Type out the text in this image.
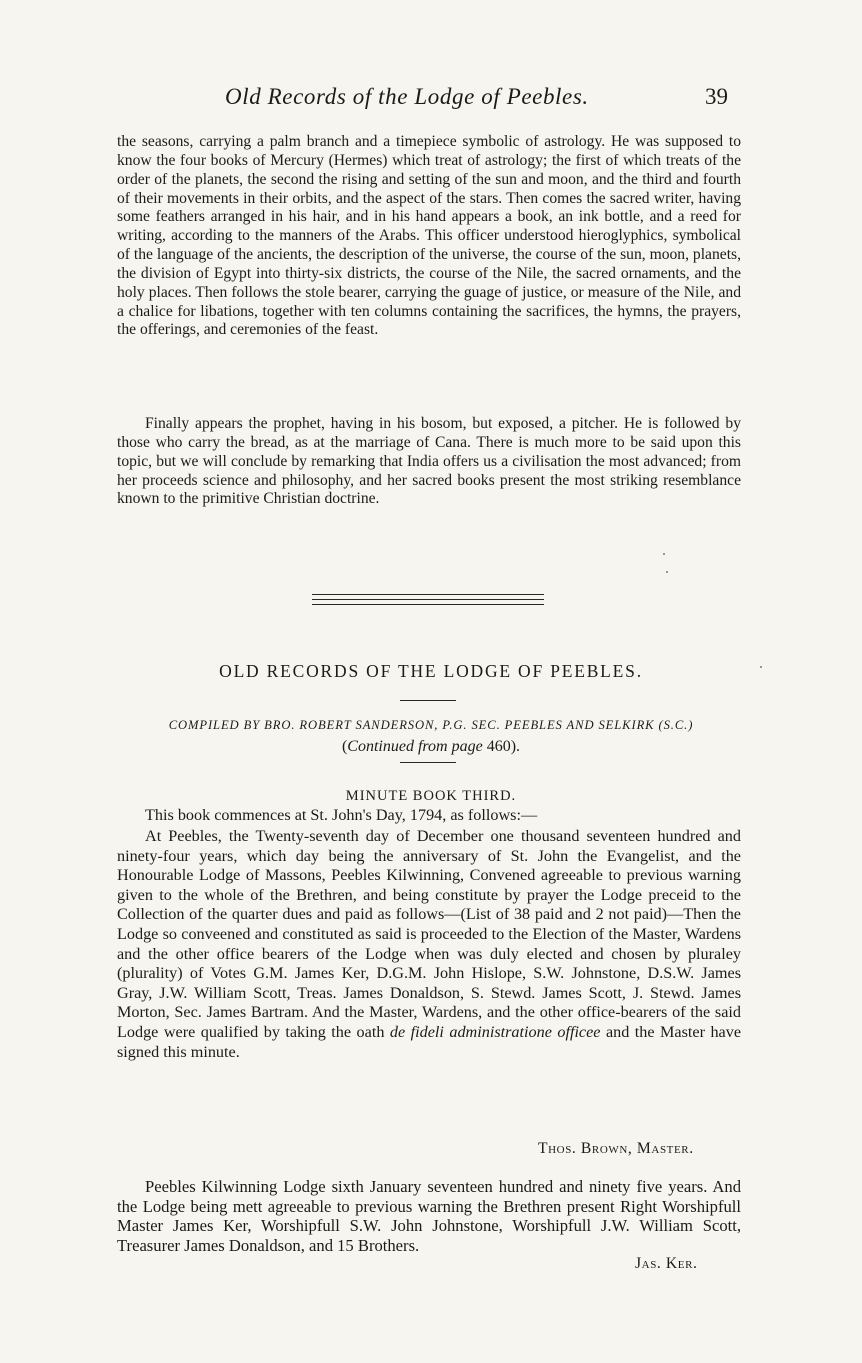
Old Records of the Lodge of Peebles.	39

the seasons, carrying a palm branch and a timepiece symbolic of astrology. He was supposed to know the four books of Mercury (Hermes) which treat of astrology; the first of which treats of the order of the planets, the second the rising and setting of the sun and moon, and the third and fourth of their movements in their orbits, and the aspect of the stars. Then comes the sacred writer, having some feathers arranged in his hair, and in his hand appears a book, an ink bottle, and a reed for writing, according to the manners of the Arabs. This officer understood hieroglyphics, symbolical of the language of the ancients, the description of the universe, the course of the sun, moon, planets, the division of Egypt into thirty-six districts, the course of the Nile, the sacred ornaments, and the holy places. Then follows the stole bearer, carrying the guage of justice, or measure of the Nile, and a chalice for libations, together with ten columns containing the sacrifices, the hymns, the prayers, the offerings, and ceremonies of the feast.

Finally appears the prophet, having in his bosom, but exposed, a pitcher. He is followed by those who carry the bread, as at the marriage of Cana. There is much more to be said upon this topic, but we will conclude by remarking that India offers us a civilisation the most advanced; from her proceeds science and philosophy, and her sacred books present the most striking resemblance known to the primitive Christian doctrine.

OLD RECORDS OF THE LODGE OF PEEBLES.
COMPILED BY BRO. ROBERT SANDERSON, P.G. SEC. PEEBLES AND SELKIRK (S.C.)
(Continued from page 460).
MINUTE BOOK THIRD.

This book commences at St. John's Day, 1794, as follows:—

At Peebles, the Twenty-seventh day of December one thousand seventeen hundred and ninety-four years, which day being the anniversary of St. John the Evangelist, and the Honourable Lodge of Massons, Peebles Kilwinning, Convened agreeable to previous warning given to the whole of the Brethren, and being constitute by prayer the Lodge preceid to the Collection of the quarter dues and paid as follows—(List of 38 paid and 2 not paid)—Then the Lodge so conveened and constituted as said is proceeded to the Election of the Master, Wardens and the other office bearers of the Lodge when was duly elected and chosen by pluraley (plurality) of Votes G.M. James Ker, D.G.M. John Hislope, S.W. Johnstone, D.S.W. James Gray, J.W. William Scott, Treas. James Donaldson, S. Stewd. James Scott, J. Stewd. James Morton, Sec. James Bartram. And the Master, Wardens, and the other office-bearers of the said Lodge were qualified by taking the oath de fideli administratione officee and the Master have signed this minute.

Thos. Brown, Master.

Peebles Kilwinning Lodge sixth January seventeen hundred and ninety five years. And the Lodge being mett agreeable to previous warning the Brethren present Right Worshipfull Master James Ker, Worshipfull S.W. John Johnstone, Worshipfull J.W. William Scott, Treasurer James Donaldson, and 15 Brothers.

Jas. Ker.
